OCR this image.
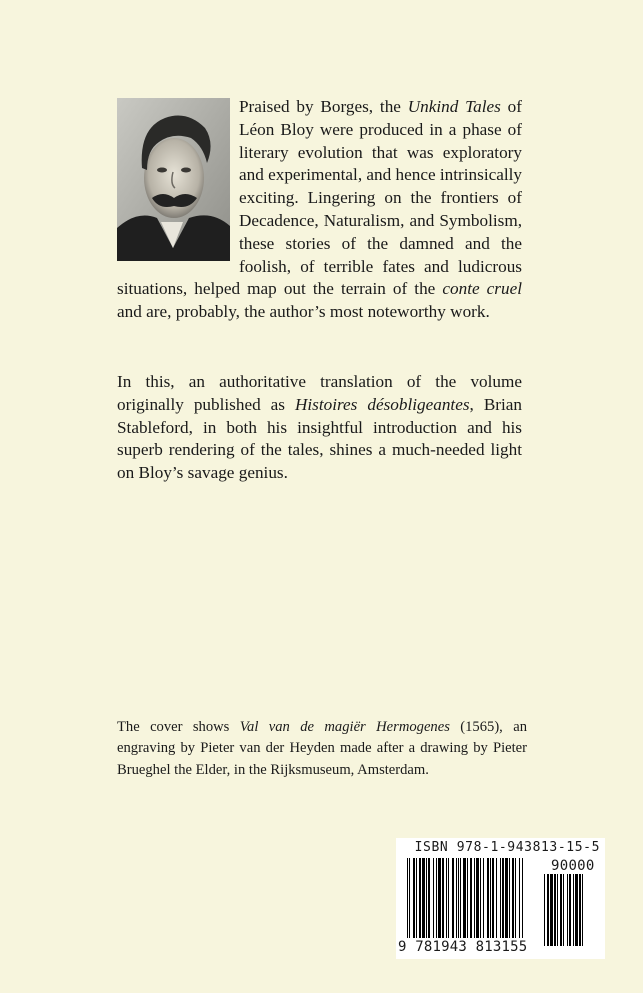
Praised by Borges, the Unkind Tales of Léon Bloy were produced in a phase of literary evolution that was exploratory and experimental, and hence intrinsically exciting. Lingering on the frontiers of Decadence, Naturalism, and Symbolism, these stories of the damned and the foolish, of terrible fates and ludicrous situations, helped map out the terrain of the conte cruel and are, probably, the author’s most noteworthy work.

In this, an authoritative translation of the volume originally published as Histoires désobligeantes, Brian Stableford, in both his insightful introduction and his superb rendering of the tales, shines a much-needed light on Bloy’s savage genius.

The cover shows Val van de magiër Hermogenes (1565), an engraving by Pieter van der Heyden made after a drawing by Pieter Brueghel the Elder, in the Rijksmuseum, Amsterdam.

ISBN 978-1-943813-15-5
90000
9 781943 813155
